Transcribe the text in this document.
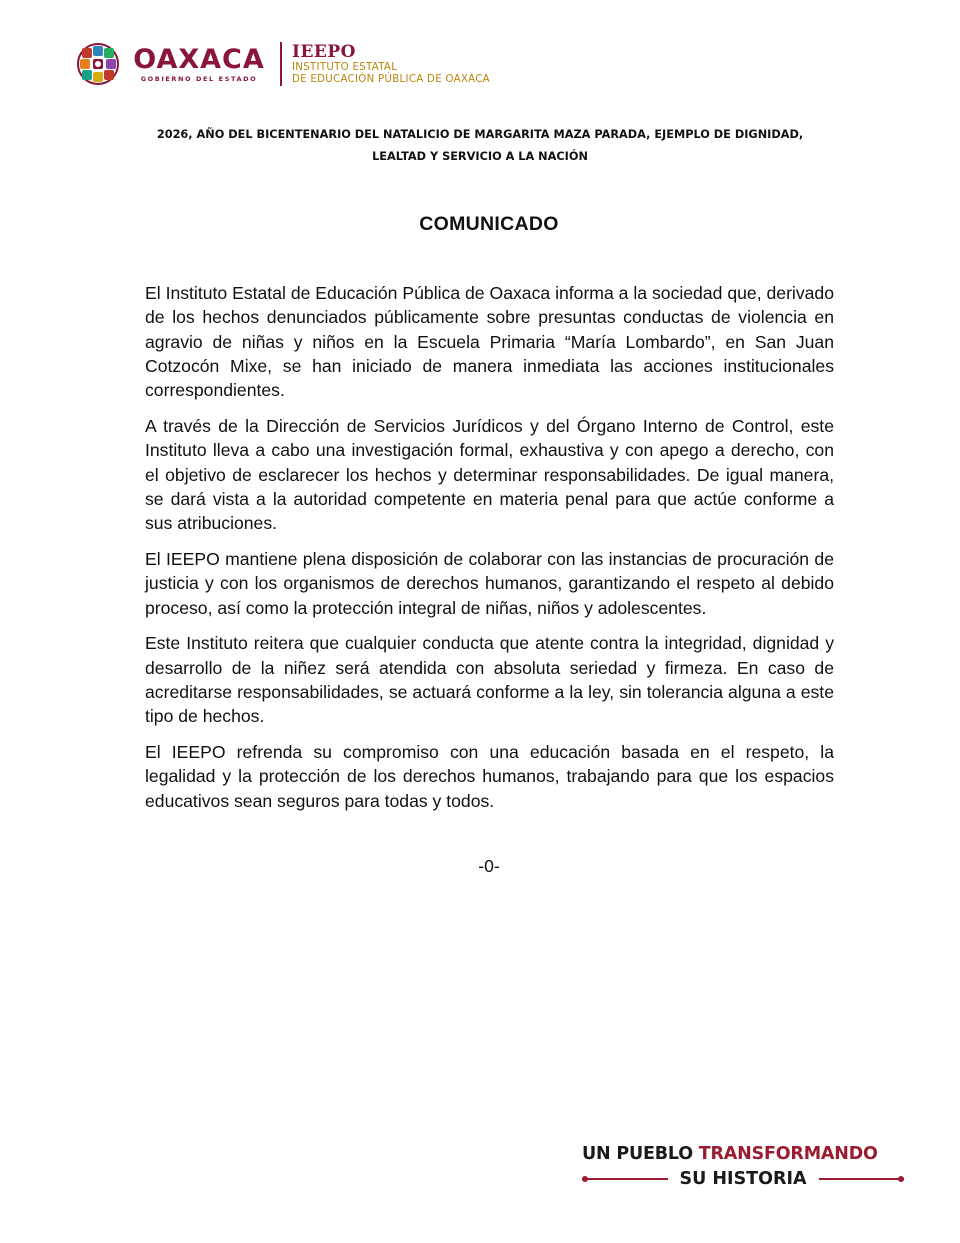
OAXACA
GOBIERNO DEL ESTADO
IEEPO
INSTITUTO ESTATAL
DE EDUCACIÓN PÚBLICA DE OAXACA
2026, AÑO DEL BICENTENARIO DEL NATALICIO DE MARGARITA MAZA PARADA, EJEMPLO DE DIGNIDAD,
LEALTAD Y SERVICIO A LA NACIÓN
COMUNICADO

El Instituto Estatal de Educación Pública de Oaxaca informa a la sociedad que, derivado de los hechos denunciados públicamente sobre presuntas conductas de violencia en agravio de niñas y niños en la Escuela Primaria “María Lombardo”, en San Juan Cotzocón Mixe, se han iniciado de manera inmediata las acciones institucionales correspondientes.

A través de la Dirección de Servicios Jurídicos y del Órgano Interno de Control, este Instituto lleva a cabo una investigación formal, exhaustiva y con apego a derecho, con el objetivo de esclarecer los hechos y determinar responsabilidades. De igual manera, se dará vista a la autoridad competente en materia penal para que actúe conforme a sus atribuciones.

El IEEPO mantiene plena disposición de colaborar con las instancias de procuración de justicia y con los organismos de derechos humanos, garantizando el respeto al debido proceso, así como la protección integral de niñas, niños y adolescentes.

Este Instituto reitera que cualquier conducta que atente contra la integridad, dignidad y desarrollo de la niñez será atendida con absoluta seriedad y firmeza. En caso de acreditarse responsabilidades, se actuará conforme a la ley, sin tolerancia alguna a este tipo de hechos.

El IEEPO refrenda su compromiso con una educación basada en el respeto, la legalidad y la protección de los derechos humanos, trabajando para que los espacios educativos sean seguros para todas y todos.

-0-
UN PUEBLO TRANSFORMANDO
SU HISTORIA
